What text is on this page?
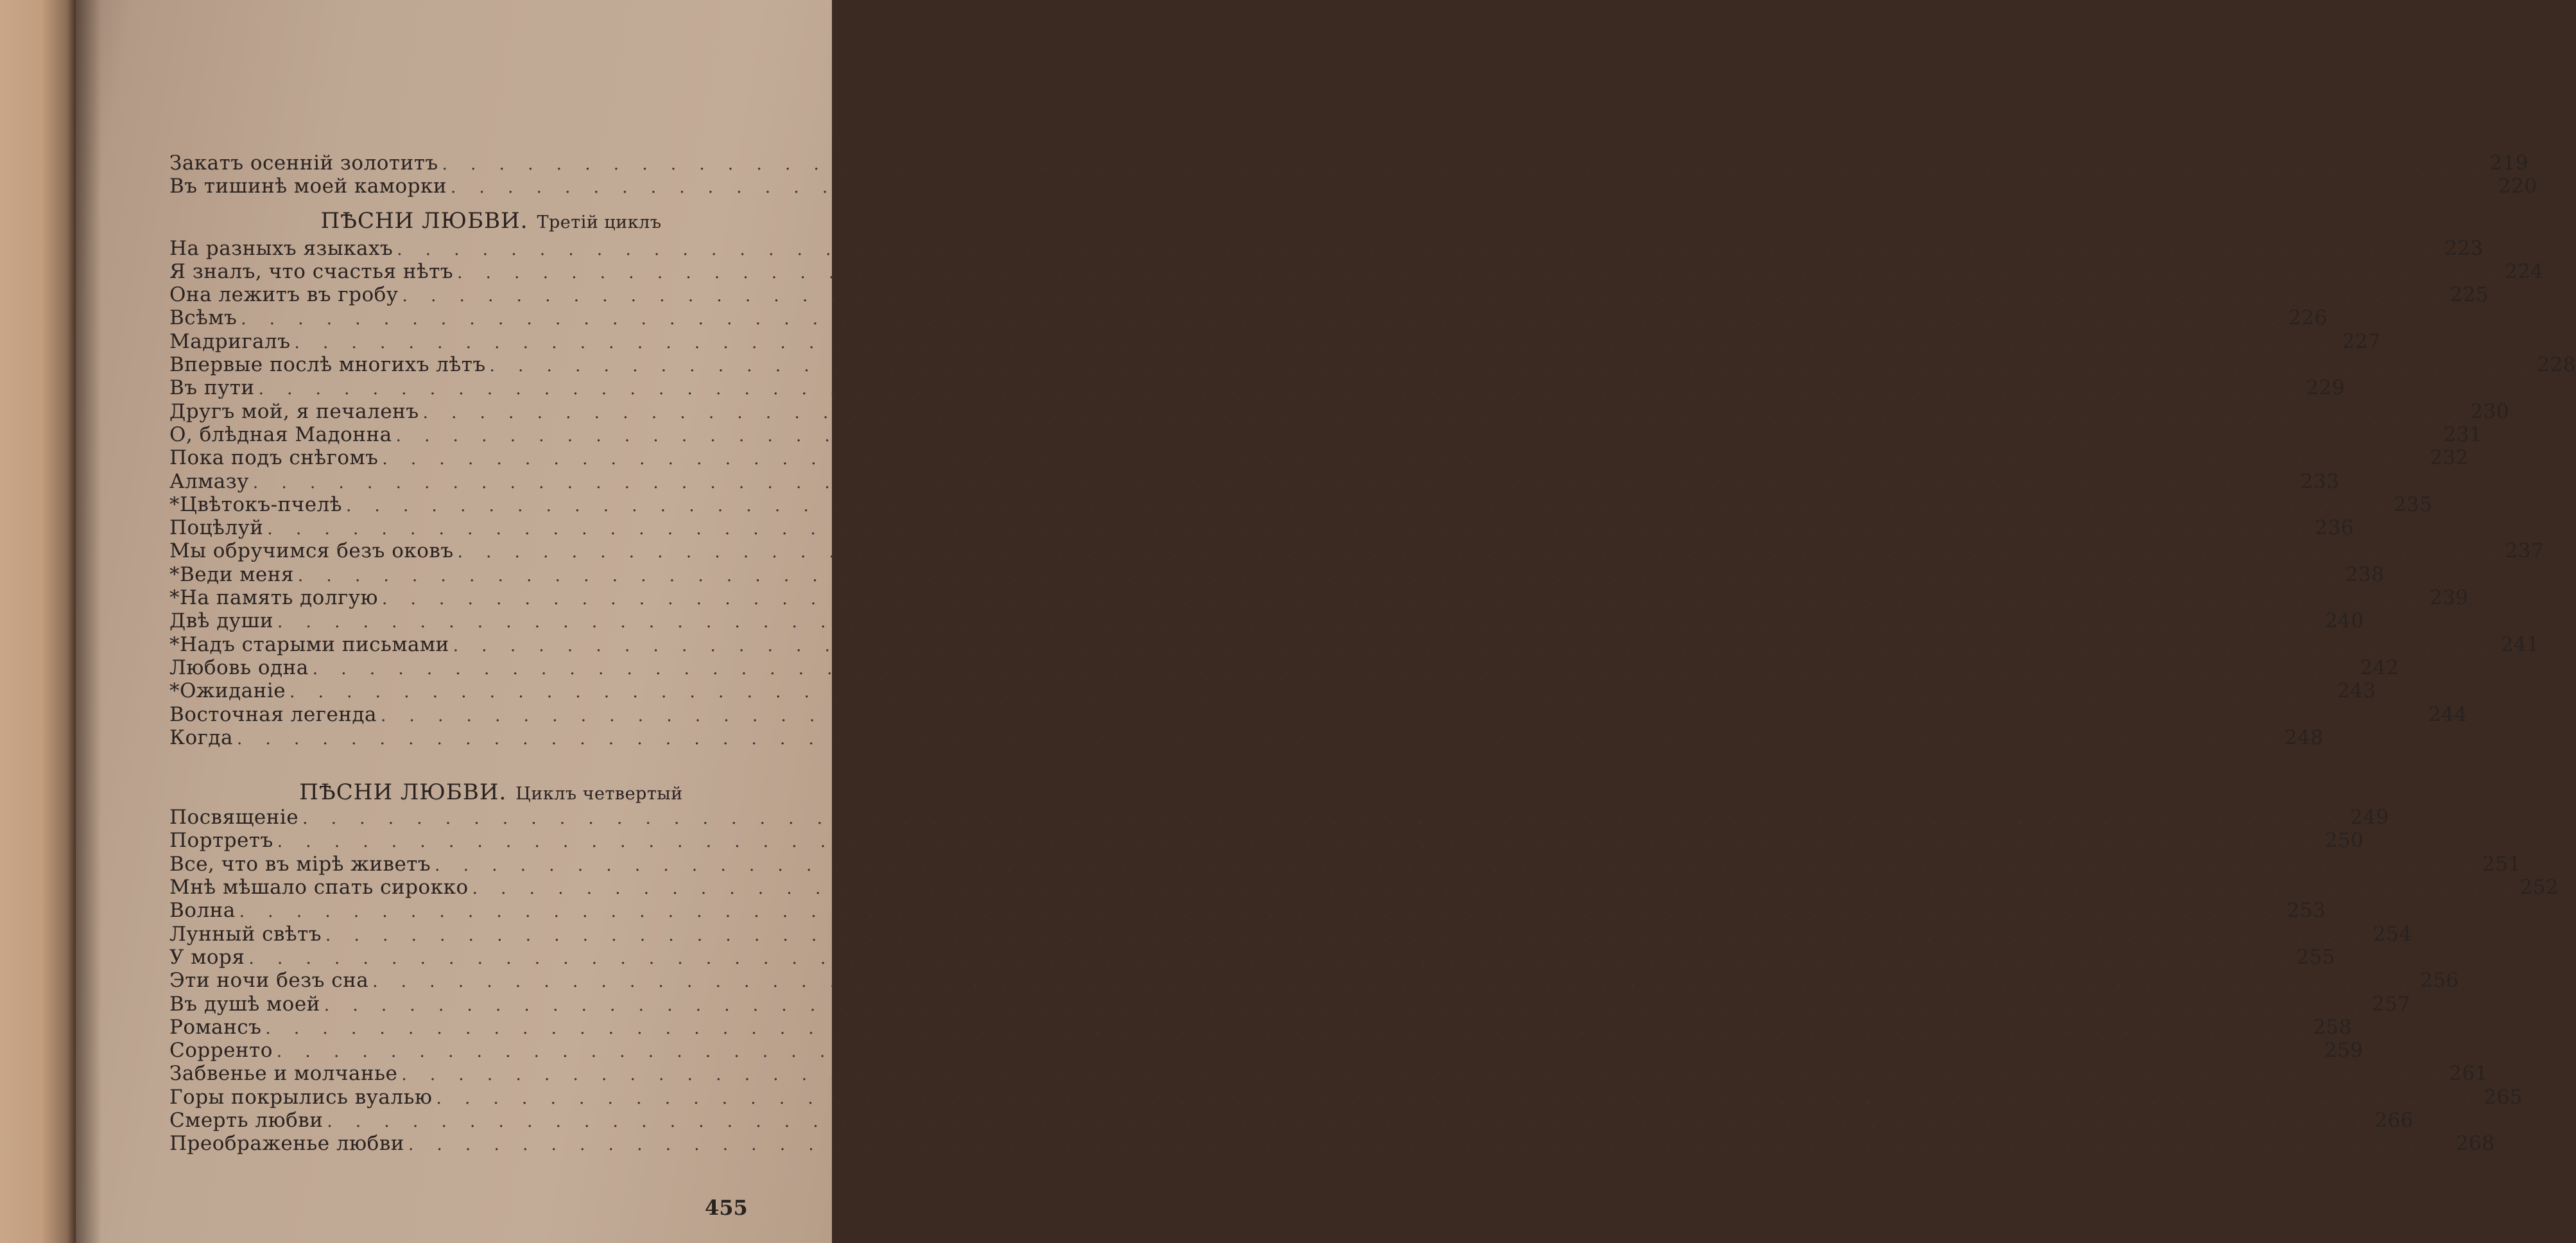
Закатъ осеннiй золотитъ . . .	219
Въ тишинѣ моей каморки . . .	220
ПѢСНИ ЛЮБВИ. Третiй циклъ
На разныхъ языкахъ . . .	223
Я зналъ, что счастья нѣтъ . . .	224
Она лежитъ въ гробу . . .	225
Всѣмъ . . .	226
Мадригалъ . . .	227
Впервые послѣ многихъ лѣтъ . . .	228
Въ пути . . .	229
Другъ мой, я печаленъ . . .	230
О, блѣдная Мадонна . . .	231
Пока подъ снѣгомъ . . .	232
Алмазу . . .	233
*Цвѣтокъ-пчелѣ . . .	235
Поцѣлуй . . .	236
Мы обручимся безъ оковъ . . .	237
*Веди меня . . .	238
*На память долгую . . .	239
Двѣ души . . .	240
*Надъ старыми письмами . . .	241
Любовь одна . . .	242
*Ожиданiе . . .	243
Восточная легенда . . .	244
Когда . . .	248
ПѢСНИ ЛЮБВИ. Циклъ четвертый
Посвященiе . . .	249
Портретъ . . .	250
Все, что въ мiрѣ живетъ . . .	251
Мнѣ мѣшало спать сирокко . . .	252
Волна . . .	253
Лунный свѣтъ . . .	254
У моря . . .	255
Эти ночи безъ сна . . .	256
Въ душѣ моей . . .	257
Романсъ . . .	258
Сорренто . . .	259
Забвенье и молчанье . . .	261
Горы покрылись вуалью . . .	265
Смерть любви . . .	266
Преображенье любви . . .	268
455
